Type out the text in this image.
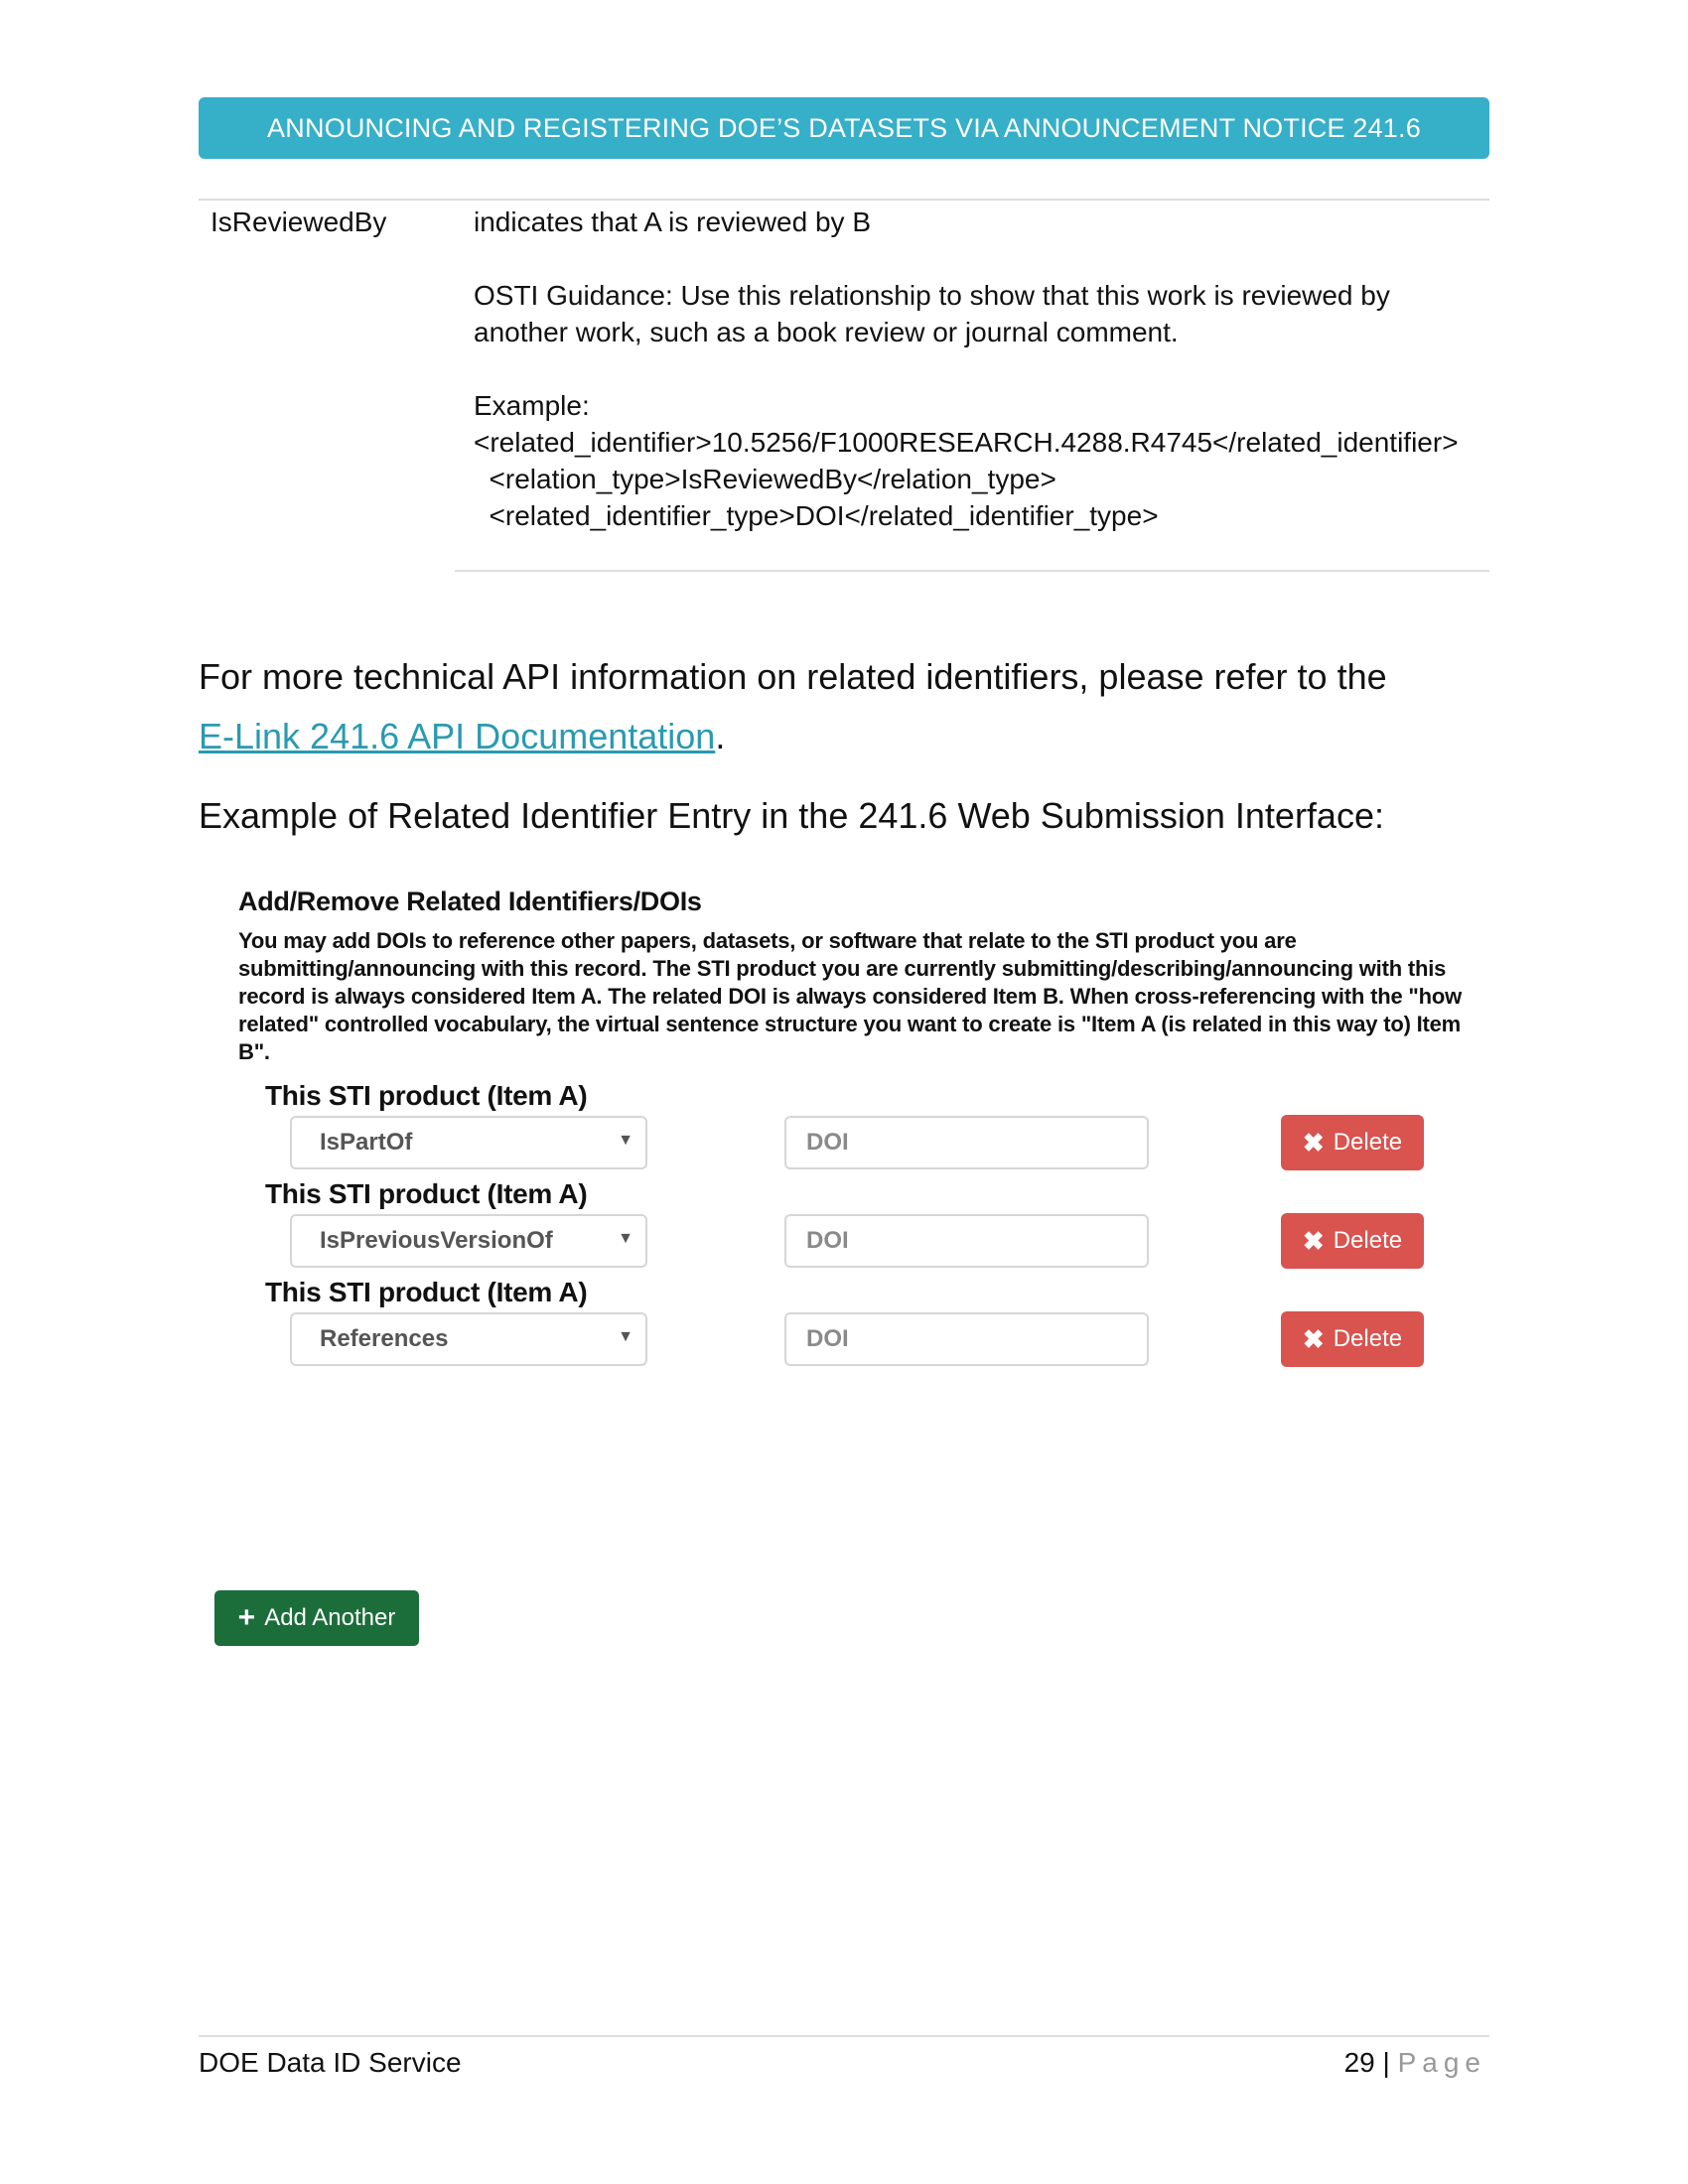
ANNOUNCING AND REGISTERING DOE’S DATASETS VIA ANNOUNCEMENT NOTICE 241.6
IsReviewedBy	indicates that A is reviewed by B

OSTI Guidance: Use this relationship to show that this work is reviewed by

another work, such as a book review or journal comment.

Example:

<related_identifier>10.5256/F1000RESEARCH.4288.R4745</related_identifier>

<relation_type>IsReviewedBy</relation_type>

<related_identifier_type>DOI</related_identifier_type>

For more technical API information on related identifiers, please refer to the
E-Link 241.6 API Documentation.
Example of Related Identifier Entry in the 241.6 Web Submission Interface:

Add/Remove Related Identifiers/DOIs

You may add DOIs to reference other papers, datasets, or software that relate to the STI product you are submitting/announcing with this record. The STI product you are currently submitting/describing/announcing with this record is always considered Item A. The related DOI is always considered Item B. When cross-referencing with the "how related" controlled vocabulary, the virtual sentence structure you want to create is "Item A (is related in this way to) Item B".
This STI product (Item A)
IsPartOf	▼
DOI	✖ Delete
This STI product (Item A)
IsPreviousVersionOf	▼
DOI	✖ Delete
This STI product (Item A)
References	▼
DOI	✖ Delete
+ Add Another
DOE Data ID Service	29 | Page
